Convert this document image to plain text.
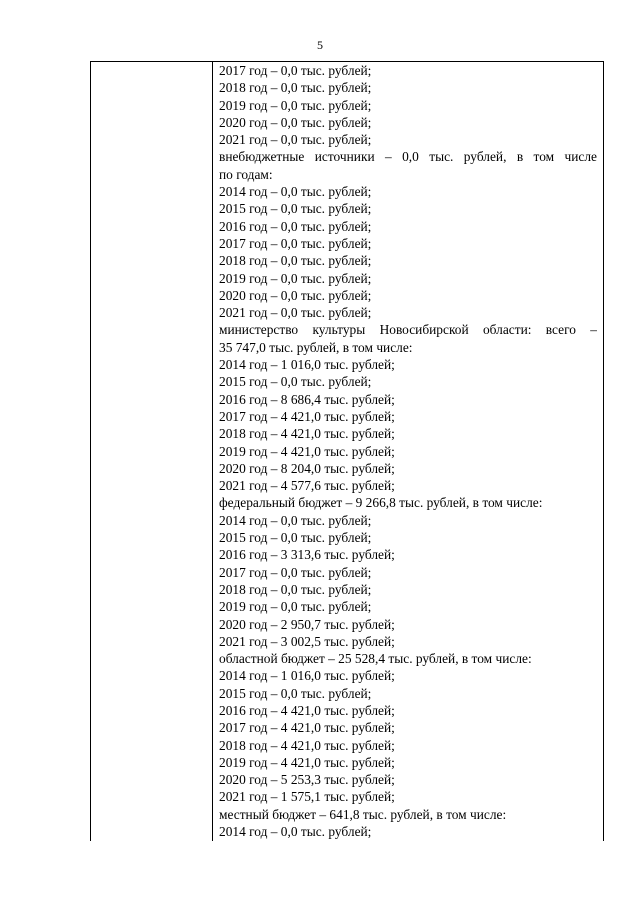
5
2017 год – 0,0 тыс. рублей;
2018 год – 0,0 тыс. рублей;
2019 год – 0,0 тыс. рублей;
2020 год – 0,0 тыс. рублей;
2021 год – 0,0 тыс. рублей;
внебюджетные источники – 0,0 тыс. рублей, в том числе
по годам:
2014 год – 0,0 тыс. рублей;
2015 год – 0,0 тыс. рублей;
2016 год – 0,0 тыс. рублей;
2017 год – 0,0 тыс. рублей;
2018 год – 0,0 тыс. рублей;
2019 год – 0,0 тыс. рублей;
2020 год – 0,0 тыс. рублей;
2021 год – 0,0 тыс. рублей;
министерство культуры Новосибирской области: всего –
35 747,0 тыс. рублей, в том числе:
2014 год – 1 016,0 тыс. рублей;
2015 год – 0,0 тыс. рублей;
2016 год – 8 686,4 тыс. рублей;
2017 год – 4 421,0 тыс. рублей;
2018 год – 4 421,0 тыс. рублей;
2019 год – 4 421,0 тыс. рублей;
2020 год – 8 204,0 тыс. рублей;
2021 год – 4 577,6 тыс. рублей;
федеральный бюджет – 9 266,8 тыс. рублей, в том числе:
2014 год – 0,0 тыс. рублей;
2015 год – 0,0 тыс. рублей;
2016 год – 3 313,6 тыс. рублей;
2017 год – 0,0 тыс. рублей;
2018 год – 0,0 тыс. рублей;
2019 год – 0,0 тыс. рублей;
2020 год – 2 950,7 тыс. рублей;
2021 год – 3 002,5 тыс. рублей;
областной бюджет – 25 528,4 тыс. рублей, в том числе:
2014 год – 1 016,0 тыс. рублей;
2015 год – 0,0 тыс. рублей;
2016 год – 4 421,0 тыс. рублей;
2017 год – 4 421,0 тыс. рублей;
2018 год – 4 421,0 тыс. рублей;
2019 год – 4 421,0 тыс. рублей;
2020 год – 5 253,3 тыс. рублей;
2021 год – 1 575,1 тыс. рублей;
местный бюджет – 641,8 тыс. рублей, в том числе:
2014 год – 0,0 тыс. рублей;
